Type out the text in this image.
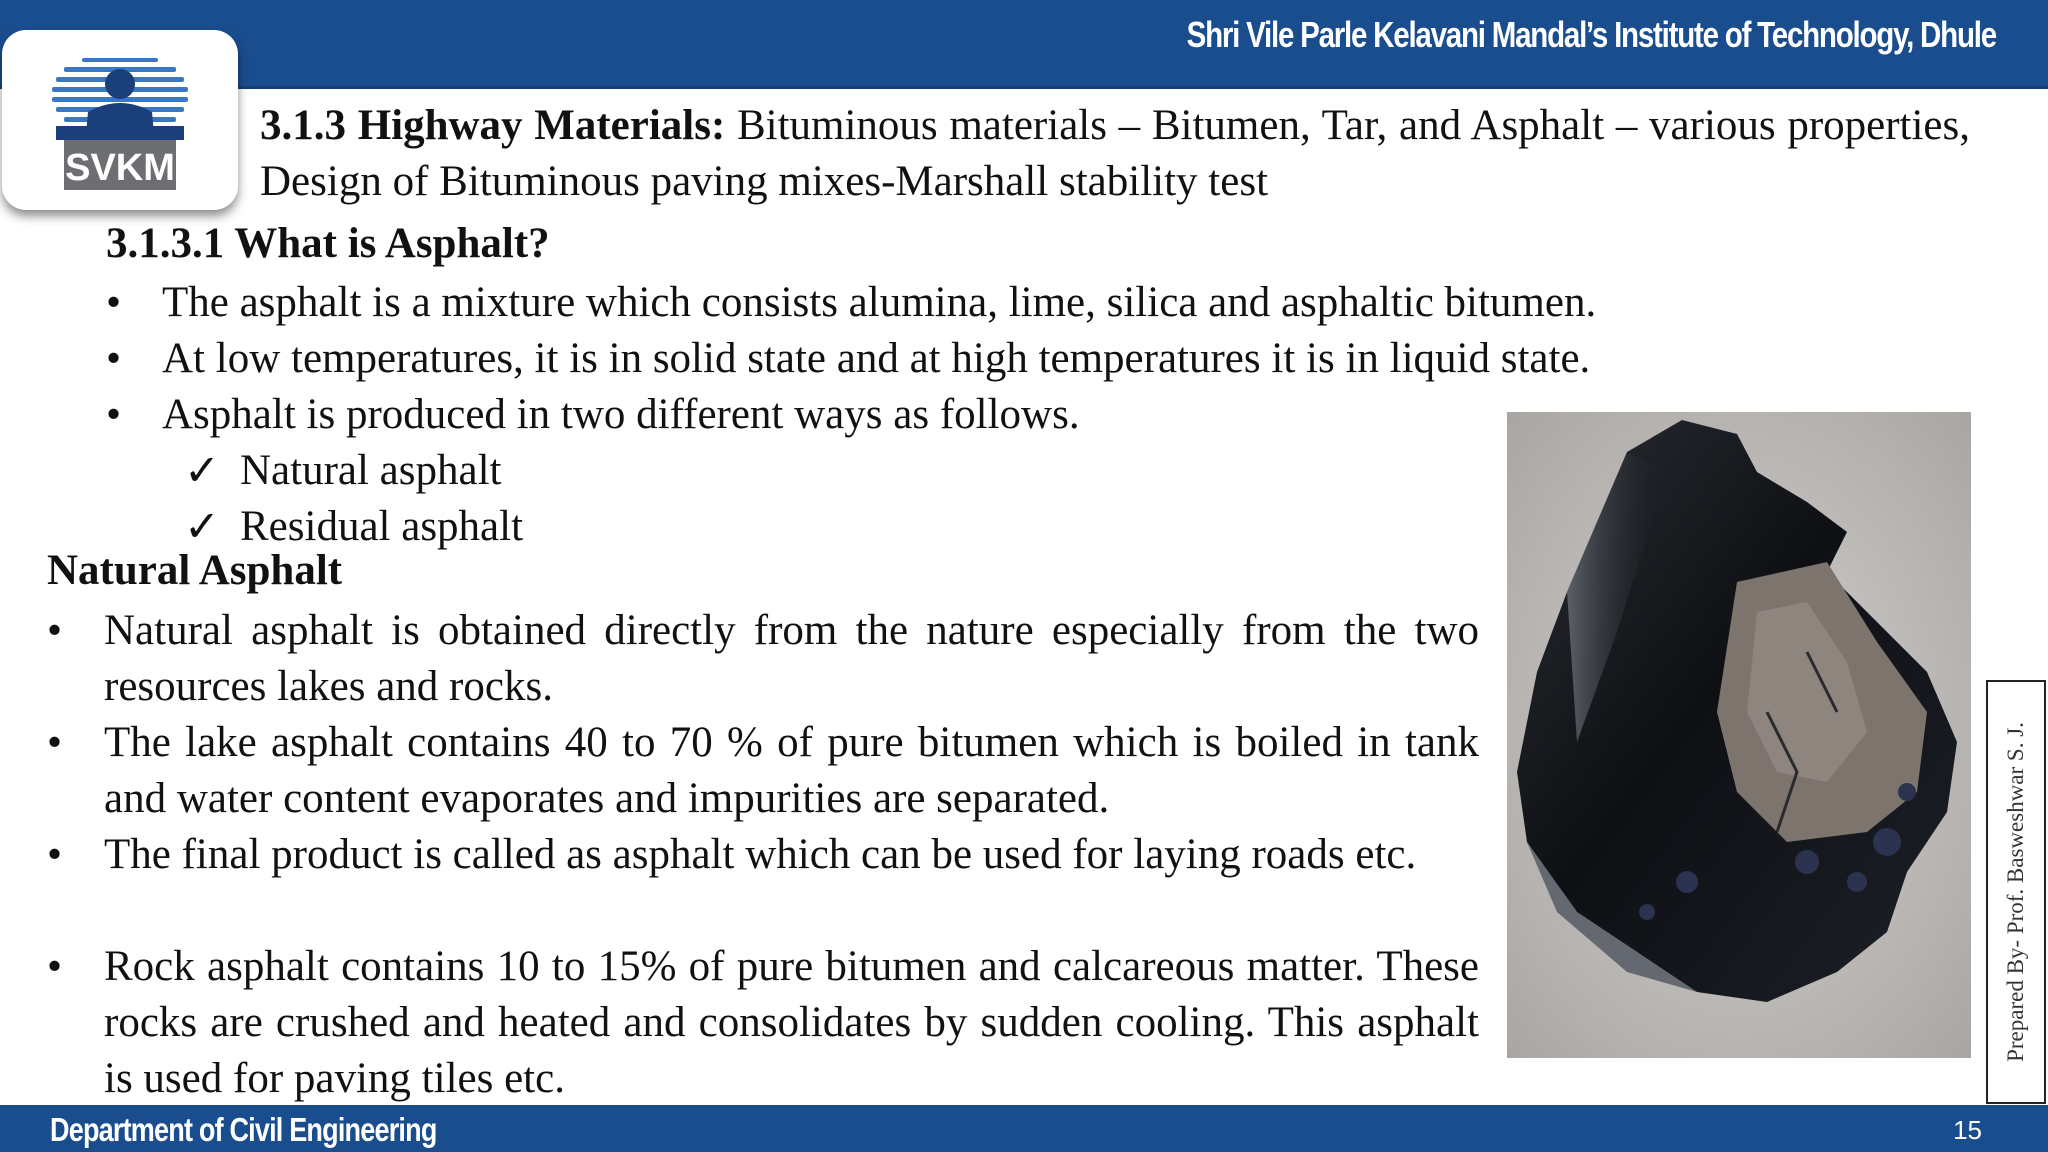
Shri Vile Parle Kelavani Mandal’s Institute of Technology, Dhule
SVKM
3.1.3 Highway Materials: Bituminous materials – Bitumen, Tar, and Asphalt – various properties, Design of Bituminous paving mixes-Marshall stability test
3.1.3.1 What is Asphalt?
• The asphalt is a mixture which consists alumina, lime, silica and asphaltic bitumen.
• At low temperatures, it is in solid state and at high temperatures it is in liquid state.
• Asphalt is produced in two different ways as follows.
✓ Natural asphalt
✓ Residual asphalt
Natural Asphalt
• Natural asphalt is obtained directly from the nature especially from the two resources lakes and rocks.
• The lake asphalt contains 40 to 70 % of pure bitumen which is boiled in tank and water content evaporates and impurities are separated.
• The final product is called as asphalt which can be used for laying roads etc.
• Rock asphalt contains 10 to 15% of pure bitumen and calcareous matter. These rocks are crushed and heated and consolidates by sudden cooling. This asphalt is used for paving tiles etc.
Prepared By- Prof. Basweshwar S. J.
Department of Civil Engineering	15
